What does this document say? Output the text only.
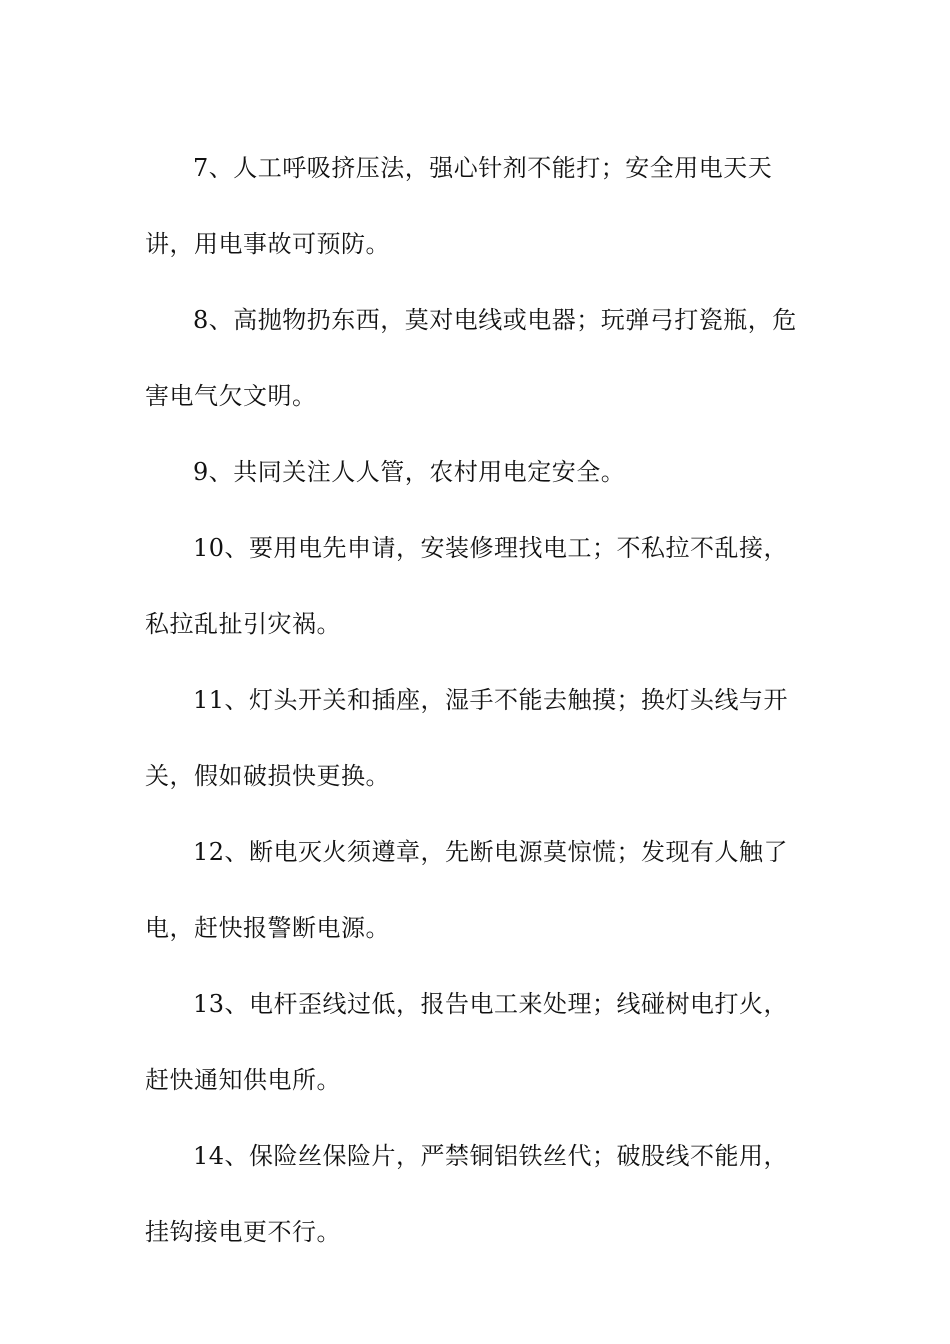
7、人工呼吸挤压法，强心针剂不能打；安全用电天天讲，用电事故可预防。

8、高抛物扔东西，莫对电线或电器；玩弹弓打瓷瓶，危害电气欠文明。

9、共同关注人人管，农村用电定安全。

10、要用电先申请，安装修理找电工；不私拉不乱接，私拉乱扯引灾祸。

11、灯头开关和插座，湿手不能去触摸；换灯头线与开关，假如破损快更换。

12、断电灭火须遵章，先断电源莫惊慌；发现有人触了电，赶快报警断电源。

13、电杆歪线过低，报告电工来处理；线碰树电打火，赶快通知供电所。

14、保险丝保险片，严禁铜铝铁丝代；破股线不能用，挂钩接电更不行。
